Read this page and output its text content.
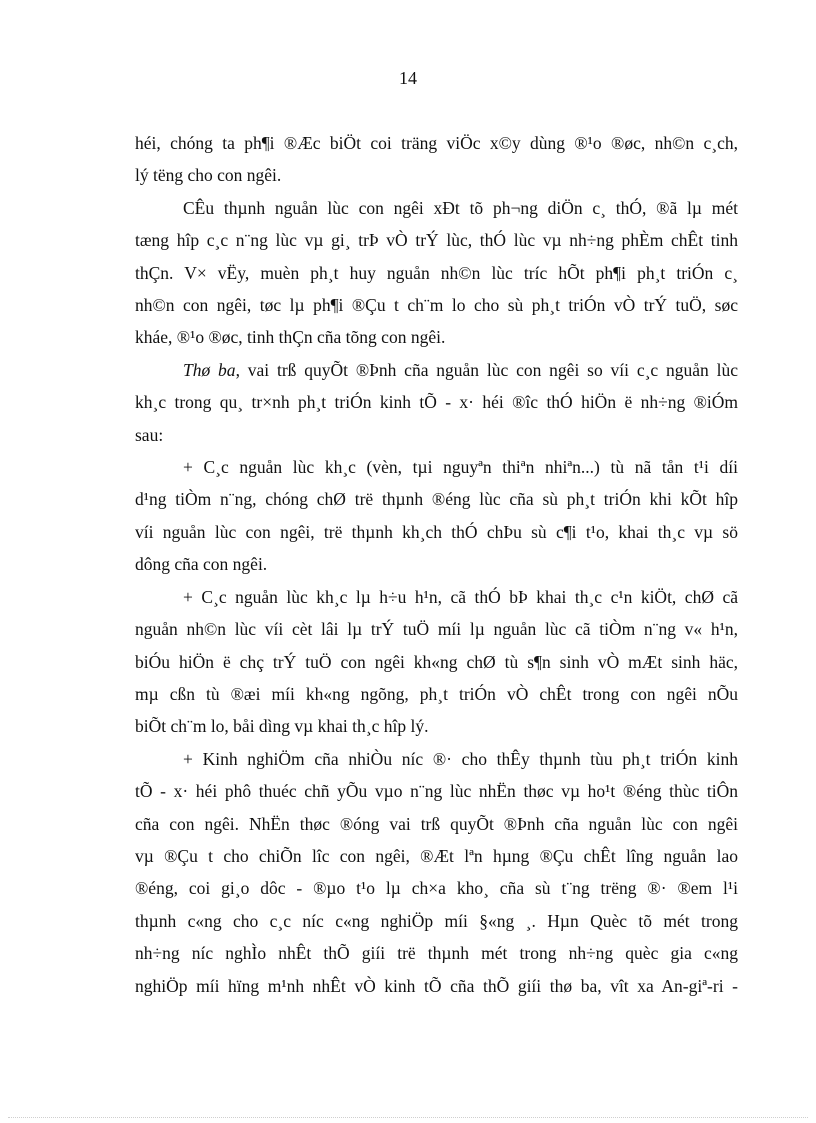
14
héi, chóng ta ph¶i ®Æc biÖt coi träng viÖc x©y dùng ®¹o ®øc, nh©n c¸ch,
lý tëng cho con ngêi.
CÊu thµnh nguån lùc con ngêi xÐt tõ ph¬ng diÖn c¸ thÓ, ®ã lµ mét
tæng hîp c¸c n¨ng lùc vµ gi¸ trÞ vÒ trÝ lùc, thÓ lùc vµ nh÷ng phÈm chÊt tinh
thÇn. V× vËy, muèn ph¸t huy nguån nh©n lùc tríc hÕt ph¶i ph¸t triÓn c¸
nh©n con ngêi, tøc lµ ph¶i ®Çu t ch¨m lo cho sù ph¸t triÓn vÒ trÝ tuÖ, søc
kháe, ®¹o ®øc, tinh thÇn cña tõng con ngêi.
Thø ba, vai trß quyÕt ®Þnh cña nguån lùc con ngêi so víi c¸c nguån lùc
kh¸c trong qu¸ tr×nh ph¸t triÓn kinh tÕ - x· héi ®îc thÓ hiÖn ë nh÷ng ®iÓm
sau:
+ C¸c nguån lùc kh¸c (vèn, tµi nguyªn thiªn nhiªn...) tù nã tån t¹i díi
d¹ng tiÒm n¨ng, chóng chØ trë thµnh ®éng lùc cña sù ph¸t triÓn khi kÕt hîp
víi nguån lùc con ngêi, trë thµnh kh¸ch thÓ chÞu sù c¶i t¹o, khai th¸c vµ sö
dông cña con ngêi.
+ C¸c nguån lùc kh¸c lµ h÷u h¹n, cã thÓ bÞ khai th¸c c¹n kiÖt, chØ cã
nguån nh©n lùc víi cèt lâi lµ trÝ tuÖ míi lµ nguån lùc cã tiÒm n¨ng v« h¹n,
biÓu hiÖn ë chç trÝ tuÖ con ngêi kh«ng chØ tù s¶n sinh vÒ mÆt sinh häc,
mµ cßn tù ®æi míi kh«ng ngõng, ph¸t triÓn vÒ chÊt trong con ngêi nÕu
biÕt ch¨m lo, båi dìng vµ khai th¸c hîp lý.
+ Kinh nghiÖm cña nhiÒu níc ®· cho thÊy thµnh tùu ph¸t triÓn kinh
tÕ - x· héi phô thuéc chñ yÕu vµo n¨ng lùc nhËn thøc vµ ho¹t ®éng thùc tiÔn
cña con ngêi. NhËn thøc ®óng vai trß quyÕt ®Þnh cña nguån lùc con ngêi
vµ ®Çu t cho chiÕn lîc con ngêi, ®Æt lªn hµng ®Çu chÊt lîng nguån lao
®éng, coi gi¸o dôc - ®µo t¹o lµ ch×a kho¸ cña sù t¨ng trëng ®· ®em l¹i
thµnh c«ng cho c¸c níc c«ng nghiÖp míi §«ng ¸. Hµn Quèc tõ mét trong
nh÷ng níc nghÌo nhÊt thÕ giíi trë thµnh mét trong nh÷ng quèc gia c«ng
nghiÖp míi hïng m¹nh nhÊt vÒ kinh tÕ cña thÕ giíi thø ba, vît xa An-giª-ri -
